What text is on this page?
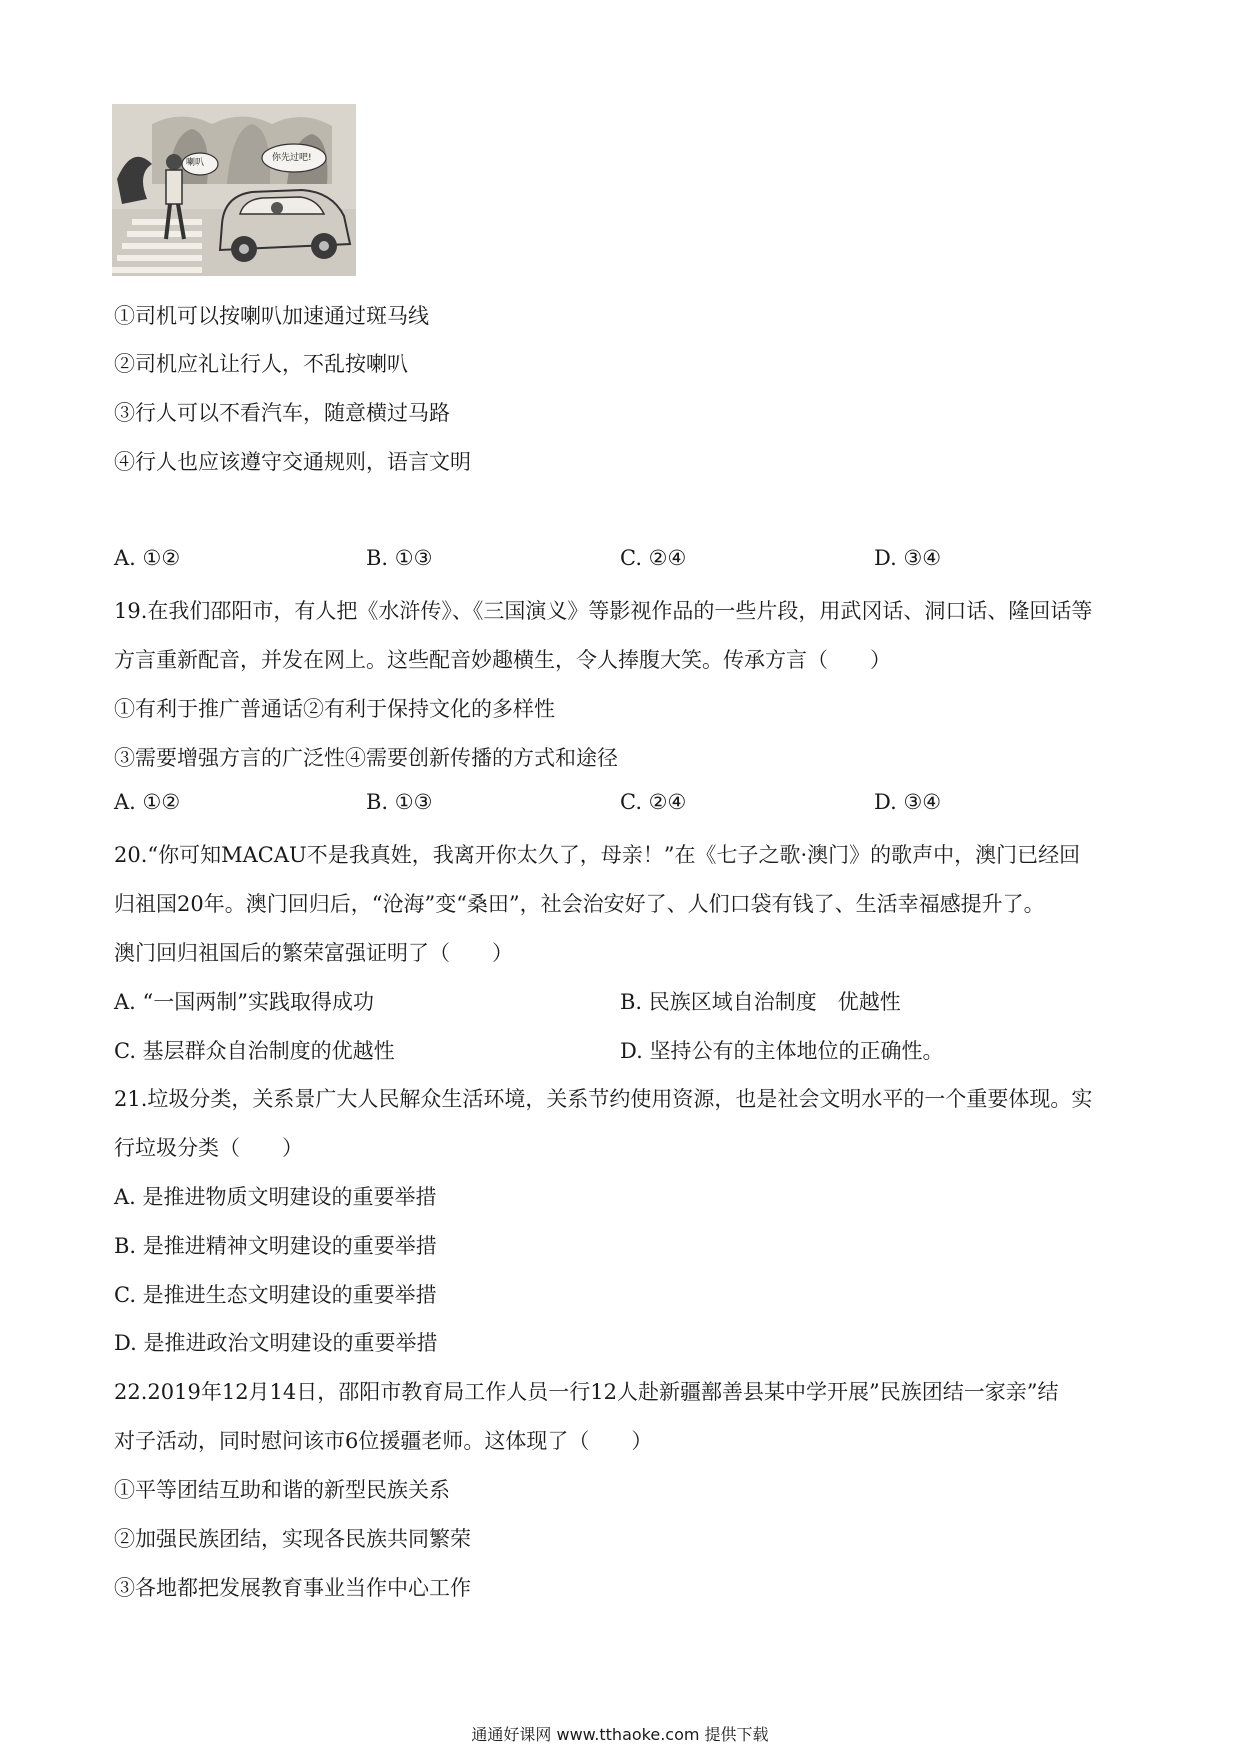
喇叭	你先过吧!
①司机可以按喇叭加速通过斑马线
②司机应礼让行人，不乱按喇叭
③行人可以不看汽车，随意横过马路
④行人也应该遵守交通规则，语言文明
A. ①②	B. ①③	C. ②④	D. ③④
19.在我们邵阳市，有人把《水浒传》、《三国演义》等影视作品的一些片段，用武冈话、洞口话、隆回话等
方言重新配音，并发在网上。这些配音妙趣横生，令人捧腹大笑。传承方言（　　）
①有利于推广普通话②有利于保持文化的多样性
③需要增强方言的广泛性④需要创新传播的方式和途径
A. ①②	B. ①③	C. ②④	D. ③④
20.“你可知MACAU不是我真姓，我离开你太久了，母亲！”在《七子之歌·澳门》的歌声中，澳门已经回
归祖国20年。澳门回归后，“沧海”变“桑田”，社会治安好了、人们口袋有钱了、生活幸福感提升了。
澳门回归祖国后的繁荣富强证明了（　　）
A. “一国两制”实践取得成功	B. 民族区域自治制度　优越性
C. 基层群众自治制度的优越性	D. 坚持公有的主体地位的正确性。
21.垃圾分类，关系景广大人民解众生活环境，关系节约使用资源，也是社会文明水平的一个重要体现。实
行垃圾分类（　　）
A. 是推进物质文明建设的重要举措
B. 是推进精神文明建设的重要举措
C. 是推进生态文明建设的重要举措
D. 是推进政治文明建设的重要举措
22.2019年12月14日，邵阳市教育局工作人员一行12人赴新疆鄯善县某中学开展”民族团结一家亲”结
对子活动，同时慰问该市6位援疆老师。这体现了（　　）
①平等团结互助和谐的新型民族关系
②加强民族团结，实现各民族共同繁荣
③各地都把发展教育事业当作中心工作
通通好课网 www.tthaoke.com 提供下载
